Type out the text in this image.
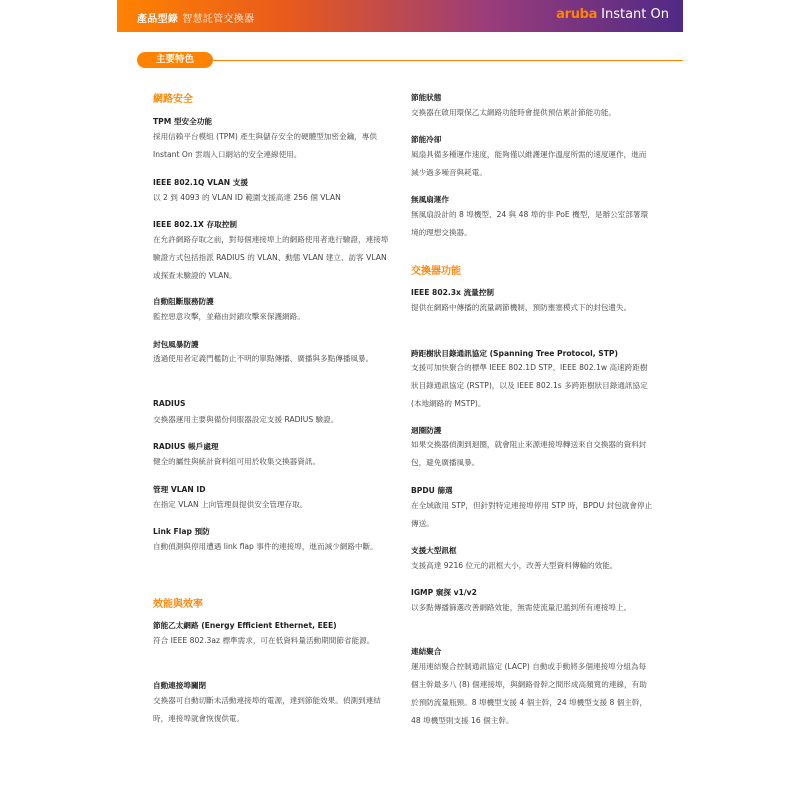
產品型錄 智慧託管交換器	aruba Instant On
主要特色
網路安全
TPM 型安全功能
採用信賴平台模組 (TPM) 產生與儲存安全的硬體型加密金鑰，專供 Instant On 雲端入口網站的安全連線使用。
IEEE 802.1Q VLAN 支援
以 2 到 4093 的 VLAN ID 範圍支援高達 256 個 VLAN
IEEE 802.1X 存取控制
在允許網路存取之前，對每個連接埠上的網路使用者進行驗證，連接埠驗證方式包括指派 RADIUS 的 VLAN、動態 VLAN 建立、訪客 VLAN 或探查未驗證的 VLAN。
自動阻斷服務防護
監控惡意攻擊，並藉由封鎖攻擊來保護網路。
封包風暴防護
透過使用者定義門檻防止不明的單點傳播、廣播與多點傳播風暴。
RADIUS
交換器運用主要與備份伺服器設定支援 RADIUS 驗證。
RADIUS 帳戶處理
健全的屬性與統計資料組可用於收集交換器資訊。
管理 VLAN ID
在指定 VLAN 上向管理員提供安全管理存取。
Link Flap 預防
自動偵測與停用遭遇 link flap 事件的連接埠，進而減少網路中斷。
效能與效率
節能乙太網路 (Energy Efficient Ethernet, EEE)
符合 IEEE 802.3az 標準需求，可在低資料量活動期間節省能源。
自動連接埠關閉
交換器可自動切斷未活動連接埠的電源，達到節能效果。偵測到連結時，連接埠就會恢復供電。
節能狀態
交換器在啟用環保乙太網路功能時會提供預估累計節能功能。
節能冷卻
風扇具備多種運作速度，能夠僅以維護運作溫度所需的速度運作，進而減少過多噪音與耗電。
無風扇運作
無風扇設計的 8 埠機型、24 與 48 埠的非 PoE 機型，是辦公室部署環境的理想交換器。
交換器功能
IEEE 802.3x 流量控制
提供在網路中傳播的流量調節機制，預防壅塞模式下的封包遺失。
跨距樹狀目錄通訊協定 (Spanning Tree Protocol, STP)
支援可加快聚合的標準 IEEE 802.1D STP、IEEE 802.1w 高速跨距樹狀目錄通訊協定 (RSTP)，以及 IEEE 802.1s 多跨距樹狀目錄通訊協定 (本地網路的 MSTP)。
迴圈防護
如果交換器偵測到迴圈，就會阻止來源連接埠轉送來自交換器的資料封包，避免廣播風暴。
BPDU 篩選
在全域啟用 STP，但針對特定連接埠停用 STP 時，BPDU 封包就會停止傳送。
支援大型訊框
支援高達 9216 位元的訊框大小，改善大型資料傳輸的效能。
IGMP 窺探 v1/v2
以多點傳播篩選改善網路效能，無需使流量氾濫到所有連接埠上。
連結聚合
運用連結聚合控制通訊協定 (LACP) 自動或手動將多個連接埠分組為每個主幹最多八 (8) 個連接埠，與網路骨幹之間形成高頻寬的連線，有助於預防流量瓶頸。8 埠機型支援 4 個主幹，24 埠機型支援 8 個主幹，48 埠機型則支援 16 個主幹。
